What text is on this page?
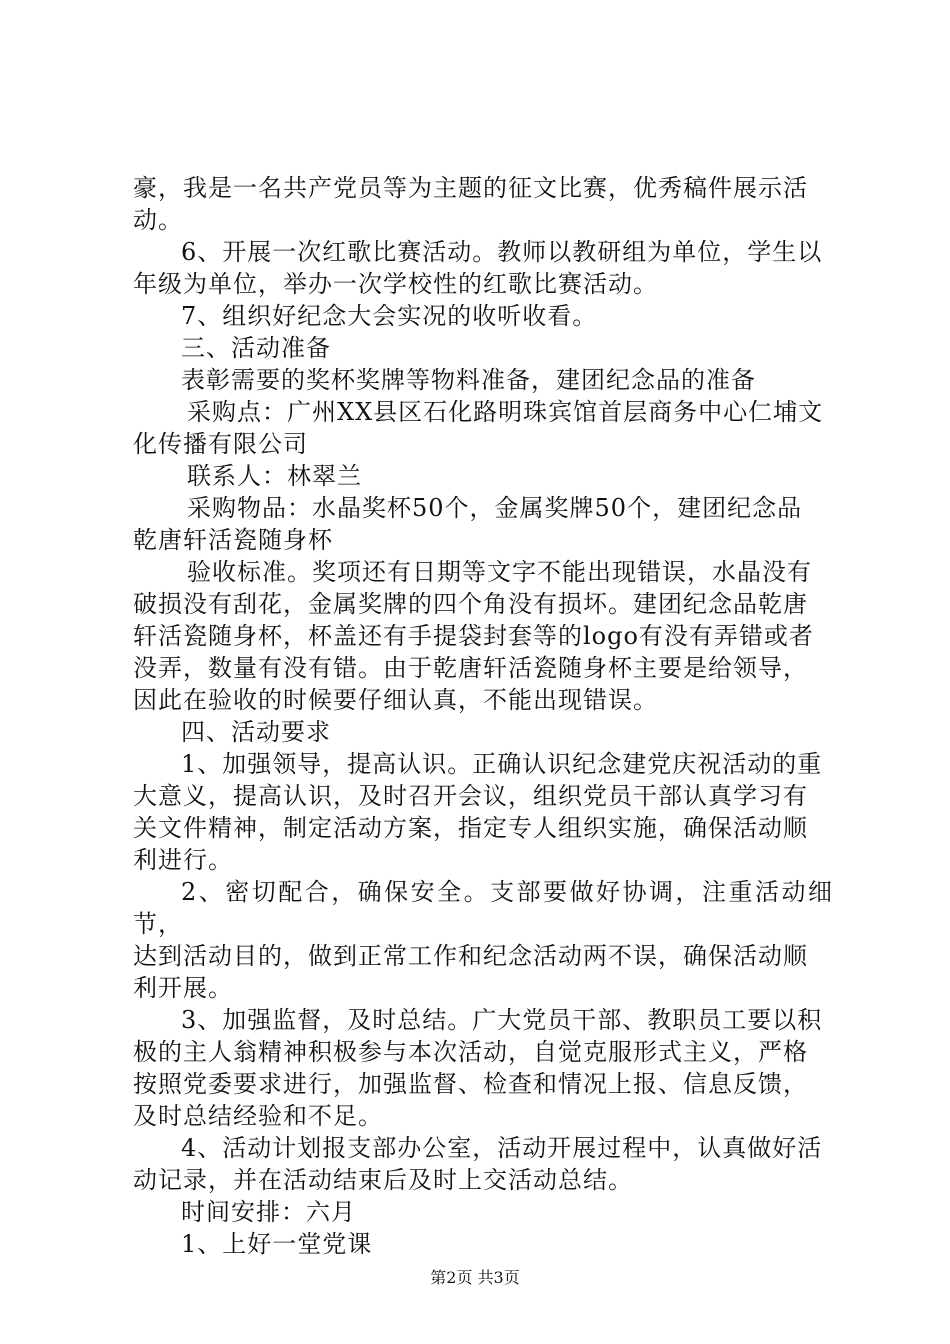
豪，我是一名共产党员等为主题的征文比赛，优秀稿件展示活
动。

6、开展一次红歌比赛活动。教师以教研组为单位，学生以
年级为单位，举办一次学校性的红歌比赛活动。

7、组织好纪念大会实况的收听收看。

三、活动准备

表彰需要的奖杯奖牌等物料准备，建团纪念品的准备

采购点：广州XX县区石化路明珠宾馆首层商务中心仁埔文
化传播有限公司

联系人：林翠兰

采购物品：水晶奖杯50个，金属奖牌50个，建团纪念品
乾唐轩活瓷随身杯

验收标准。奖项还有日期等文字不能出现错误，水晶没有
破损没有刮花，金属奖牌的四个角没有损坏。建团纪念品乾唐
轩活瓷随身杯，杯盖还有手提袋封套等的logo有没有弄错或者
没弄，数量有没有错。由于乾唐轩活瓷随身杯主要是给领导，
因此在验收的时候要仔细认真，不能出现错误。

四、活动要求

1、加强领导，提高认识。正确认识纪念建党庆祝活动的重
大意义，提高认识，及时召开会议，组织党员干部认真学习有
关文件精神，制定活动方案，指定专人组织实施，确保活动顺
利进行。

2、密切配合，确保安全。支部要做好协调，注重活动细节，
达到活动目的，做到正常工作和纪念活动两不误，确保活动顺
利开展。

3、加强监督，及时总结。广大党员干部、教职员工要以积
极的主人翁精神积极参与本次活动，自觉克服形式主义，严格
按照党委要求进行，加强监督、检查和情况上报、信息反馈，
及时总结经验和不足。

4、活动计划报支部办公室，活动开展过程中，认真做好活
动记录，并在活动结束后及时上交活动总结。

时间安排：六月

1、上好一堂党课

第2页 共3页
